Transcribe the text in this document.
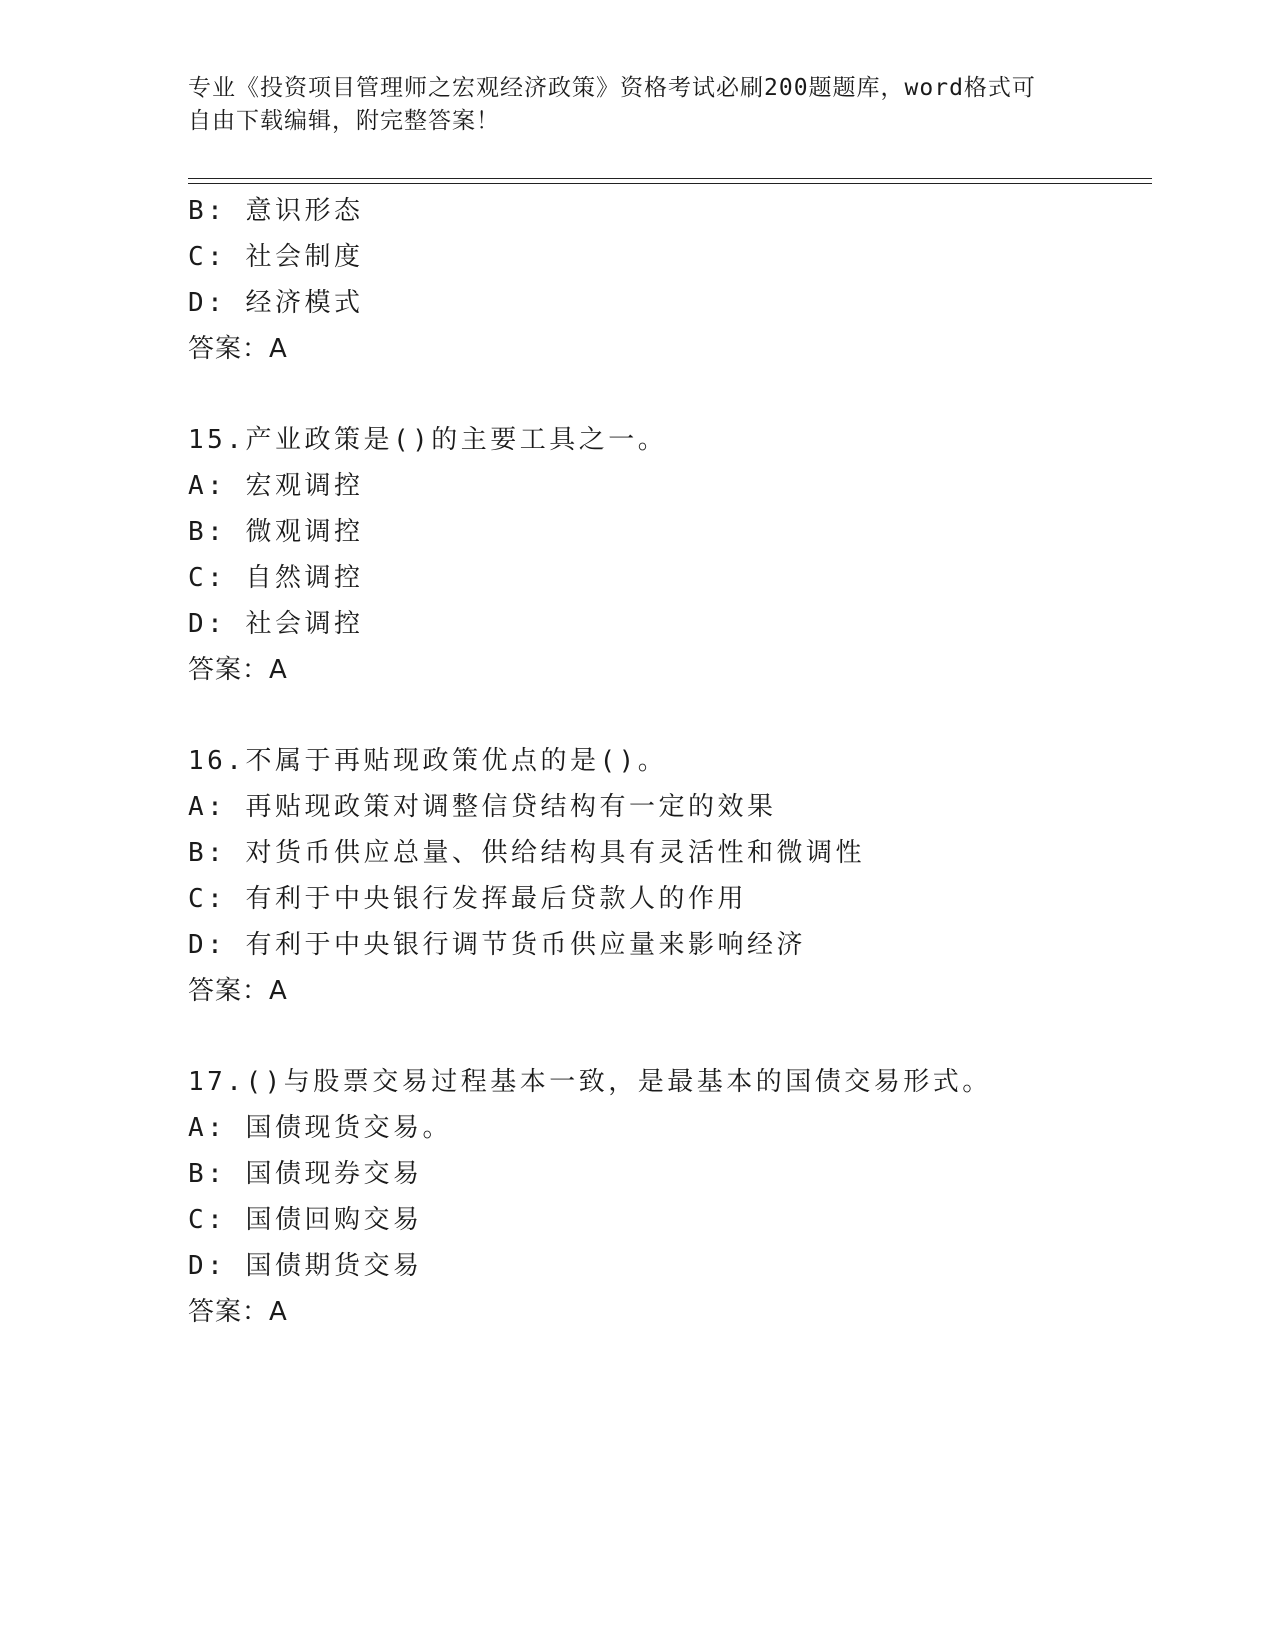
专业《投资项目管理师之宏观经济政策》资格考试必刷200题题库，word格式可
自由下载编辑，附完整答案！
B: 意识形态
C: 社会制度
D: 经济模式
答案：A
15.产业政策是()的主要工具之一。
A: 宏观调控
B: 微观调控
C: 自然调控
D: 社会调控
答案：A
16.不属于再贴现政策优点的是()。
A: 再贴现政策对调整信贷结构有一定的效果
B: 对货币供应总量、供给结构具有灵活性和微调性
C: 有利于中央银行发挥最后贷款人的作用
D: 有利于中央银行调节货币供应量来影响经济
答案：A
17.()与股票交易过程基本一致，是最基本的国债交易形式。
A: 国债现货交易。
B: 国债现券交易
C: 国债回购交易
D: 国债期货交易
答案：A
